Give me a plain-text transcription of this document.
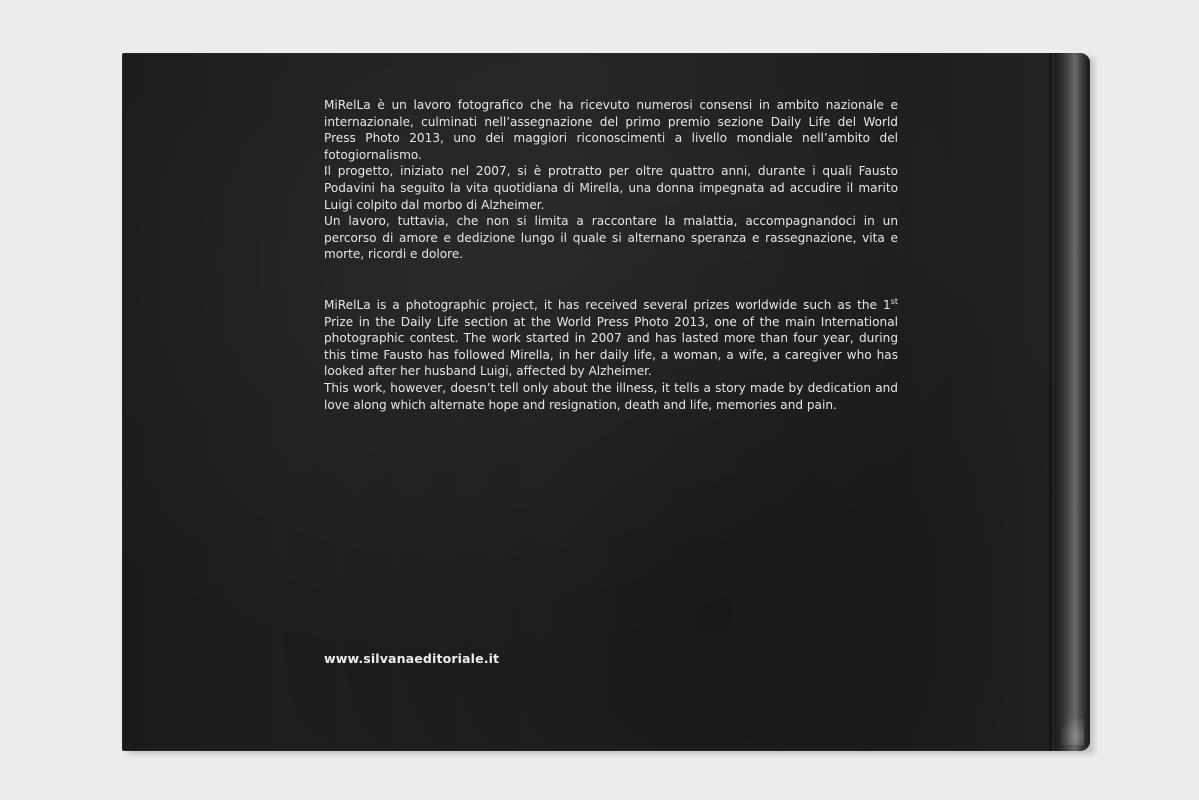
MiRelLa è un lavoro fotografico che ha ricevuto numerosi consensi in ambito nazionale e internazionale, culminati nell’assegnazione del primo premio sezione Daily Life del World Press Photo 2013, uno dei maggiori riconoscimenti a livello mondiale nell’ambito del fotogiornalismo.

Il progetto, iniziato nel 2007, si è protratto per oltre quattro anni, durante i quali Fausto Podavini ha seguito la vita quotidiana di Mirella, una donna impegnata ad accudire il marito Luigi colpito dal morbo di Alzheimer.

Un lavoro, tuttavia, che non si limita a raccontare la malattia, accompagnandoci in un percorso di amore e dedizione lungo il quale si alternano speranza e rassegnazione, vita e morte, ricordi e dolore.

MiRelLa is a photographic project, it has received several prizes worldwide such as the 1st Prize in the Daily Life section at the World Press Photo 2013, one of the main International photographic contest. The work started in 2007 and has lasted more than four year, during this time Fausto has followed Mirella, in her daily life, a woman, a wife, a caregiver who has looked after her husband Luigi, affected by Alzheimer.

This work, however, doesn’t tell only about the illness, it tells a story made by dedication and love along which alternate hope and resignation, death and life, memories and pain.

www.silvanaeditoriale.it
